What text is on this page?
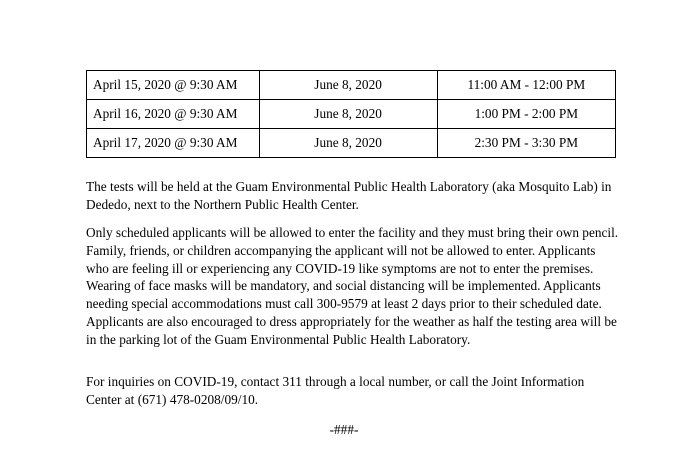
April 15, 2020 @ 9:30 AM	June 8, 2020	11:00 AM - 12:00 PM
April 16, 2020 @ 9:30 AM	June 8, 2020	1:00 PM - 2:00 PM
April 17, 2020 @ 9:30 AM	June 8, 2020	2:30 PM - 3:30 PM

The tests will be held at the Guam Environmental Public Health Laboratory (aka Mosquito Lab) in Dededo, next to the Northern Public Health Center.

Only scheduled applicants will be allowed to enter the facility and they must bring their own pencil. Family, friends, or children accompanying the applicant will not be allowed to enter. Applicants who are feeling ill or experiencing any COVID-19 like symptoms are not to enter the premises. Wearing of face masks will be mandatory, and social distancing will be implemented. Applicants needing special accommodations must call 300-9579 at least 2 days prior to their scheduled date. Applicants are also encouraged to dress appropriately for the weather as half the testing area will be in the parking lot of the Guam Environmental Public Health Laboratory.

For inquiries on COVID-19, contact 311 through a local number, or call the Joint Information Center at (671) 478-0208/09/10.

-###-
